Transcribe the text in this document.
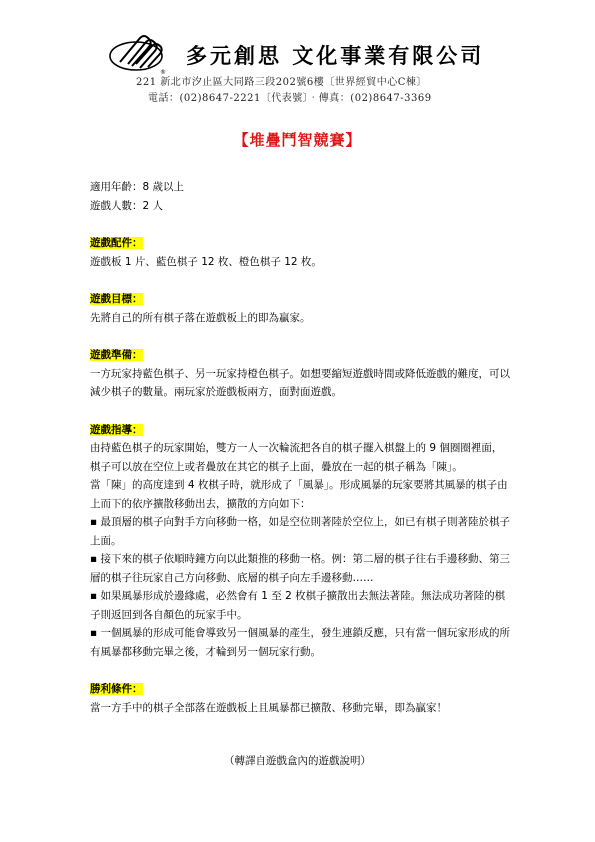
®
多元創思 文化事業有限公司
221 新北市汐止區大同路三段202號6樓〔世界經貿中心C棟〕
電話：(02)8647-2221〔代表號〕‧傳真：(02)8647-3369
【堆疊鬥智競賽】

適用年齡：8 歲以上

遊戲人數：2 人

遊戲配件：

遊戲板 1 片、藍色棋子 12 枚、橙色棋子 12 枚。

遊戲目標：

先將自己的所有棋子落在遊戲板上的即為贏家。

遊戲準備：

一方玩家持藍色棋子、另一玩家持橙色棋子。如想要縮短遊戲時間或降低遊戲的難度，可以減少棋子的數量。兩玩家於遊戲板兩方，面對面遊戲。

遊戲指導：

由持藍色棋子的玩家開始，雙方一人一次輪流把各自的棋子擺入棋盤上的 9 個圈圈裡面，棋子可以放在空位上或者疊放在其它的棋子上面，疊放在一起的棋子稱為「陳」。

當「陳」的高度達到 4 枚棋子時，就形成了「風暴」。形成風暴的玩家要將其風暴的棋子由上而下的依序擴散移動出去，擴散的方向如下：

▪ 最頂層的棋子向對手方向移動一格，如是空位則著陸於空位上，如已有棋子則著陸於棋子上面。

▪ 接下來的棋子依順時鐘方向以此類推的移動一格。例：第二層的棋子往右手邊移動、第三層的棋子往玩家自己方向移動、底層的棋子向左手邊移動……

▪ 如果風暴形成於邊緣處，必然會有 1 至 2 枚棋子擴散出去無法著陸。無法成功著陸的棋子則返回到各自顏色的玩家手中。

▪ 一個風暴的形成可能會導致另一個風暴的產生，發生連鎖反應，只有當一個玩家形成的所有風暴都移動完畢之後，才輪到另一個玩家行動。

勝利條件：

當一方手中的棋子全部落在遊戲板上且風暴都已擴散、移動完畢，即為贏家！

（轉譯自遊戲盒內的遊戲說明）
